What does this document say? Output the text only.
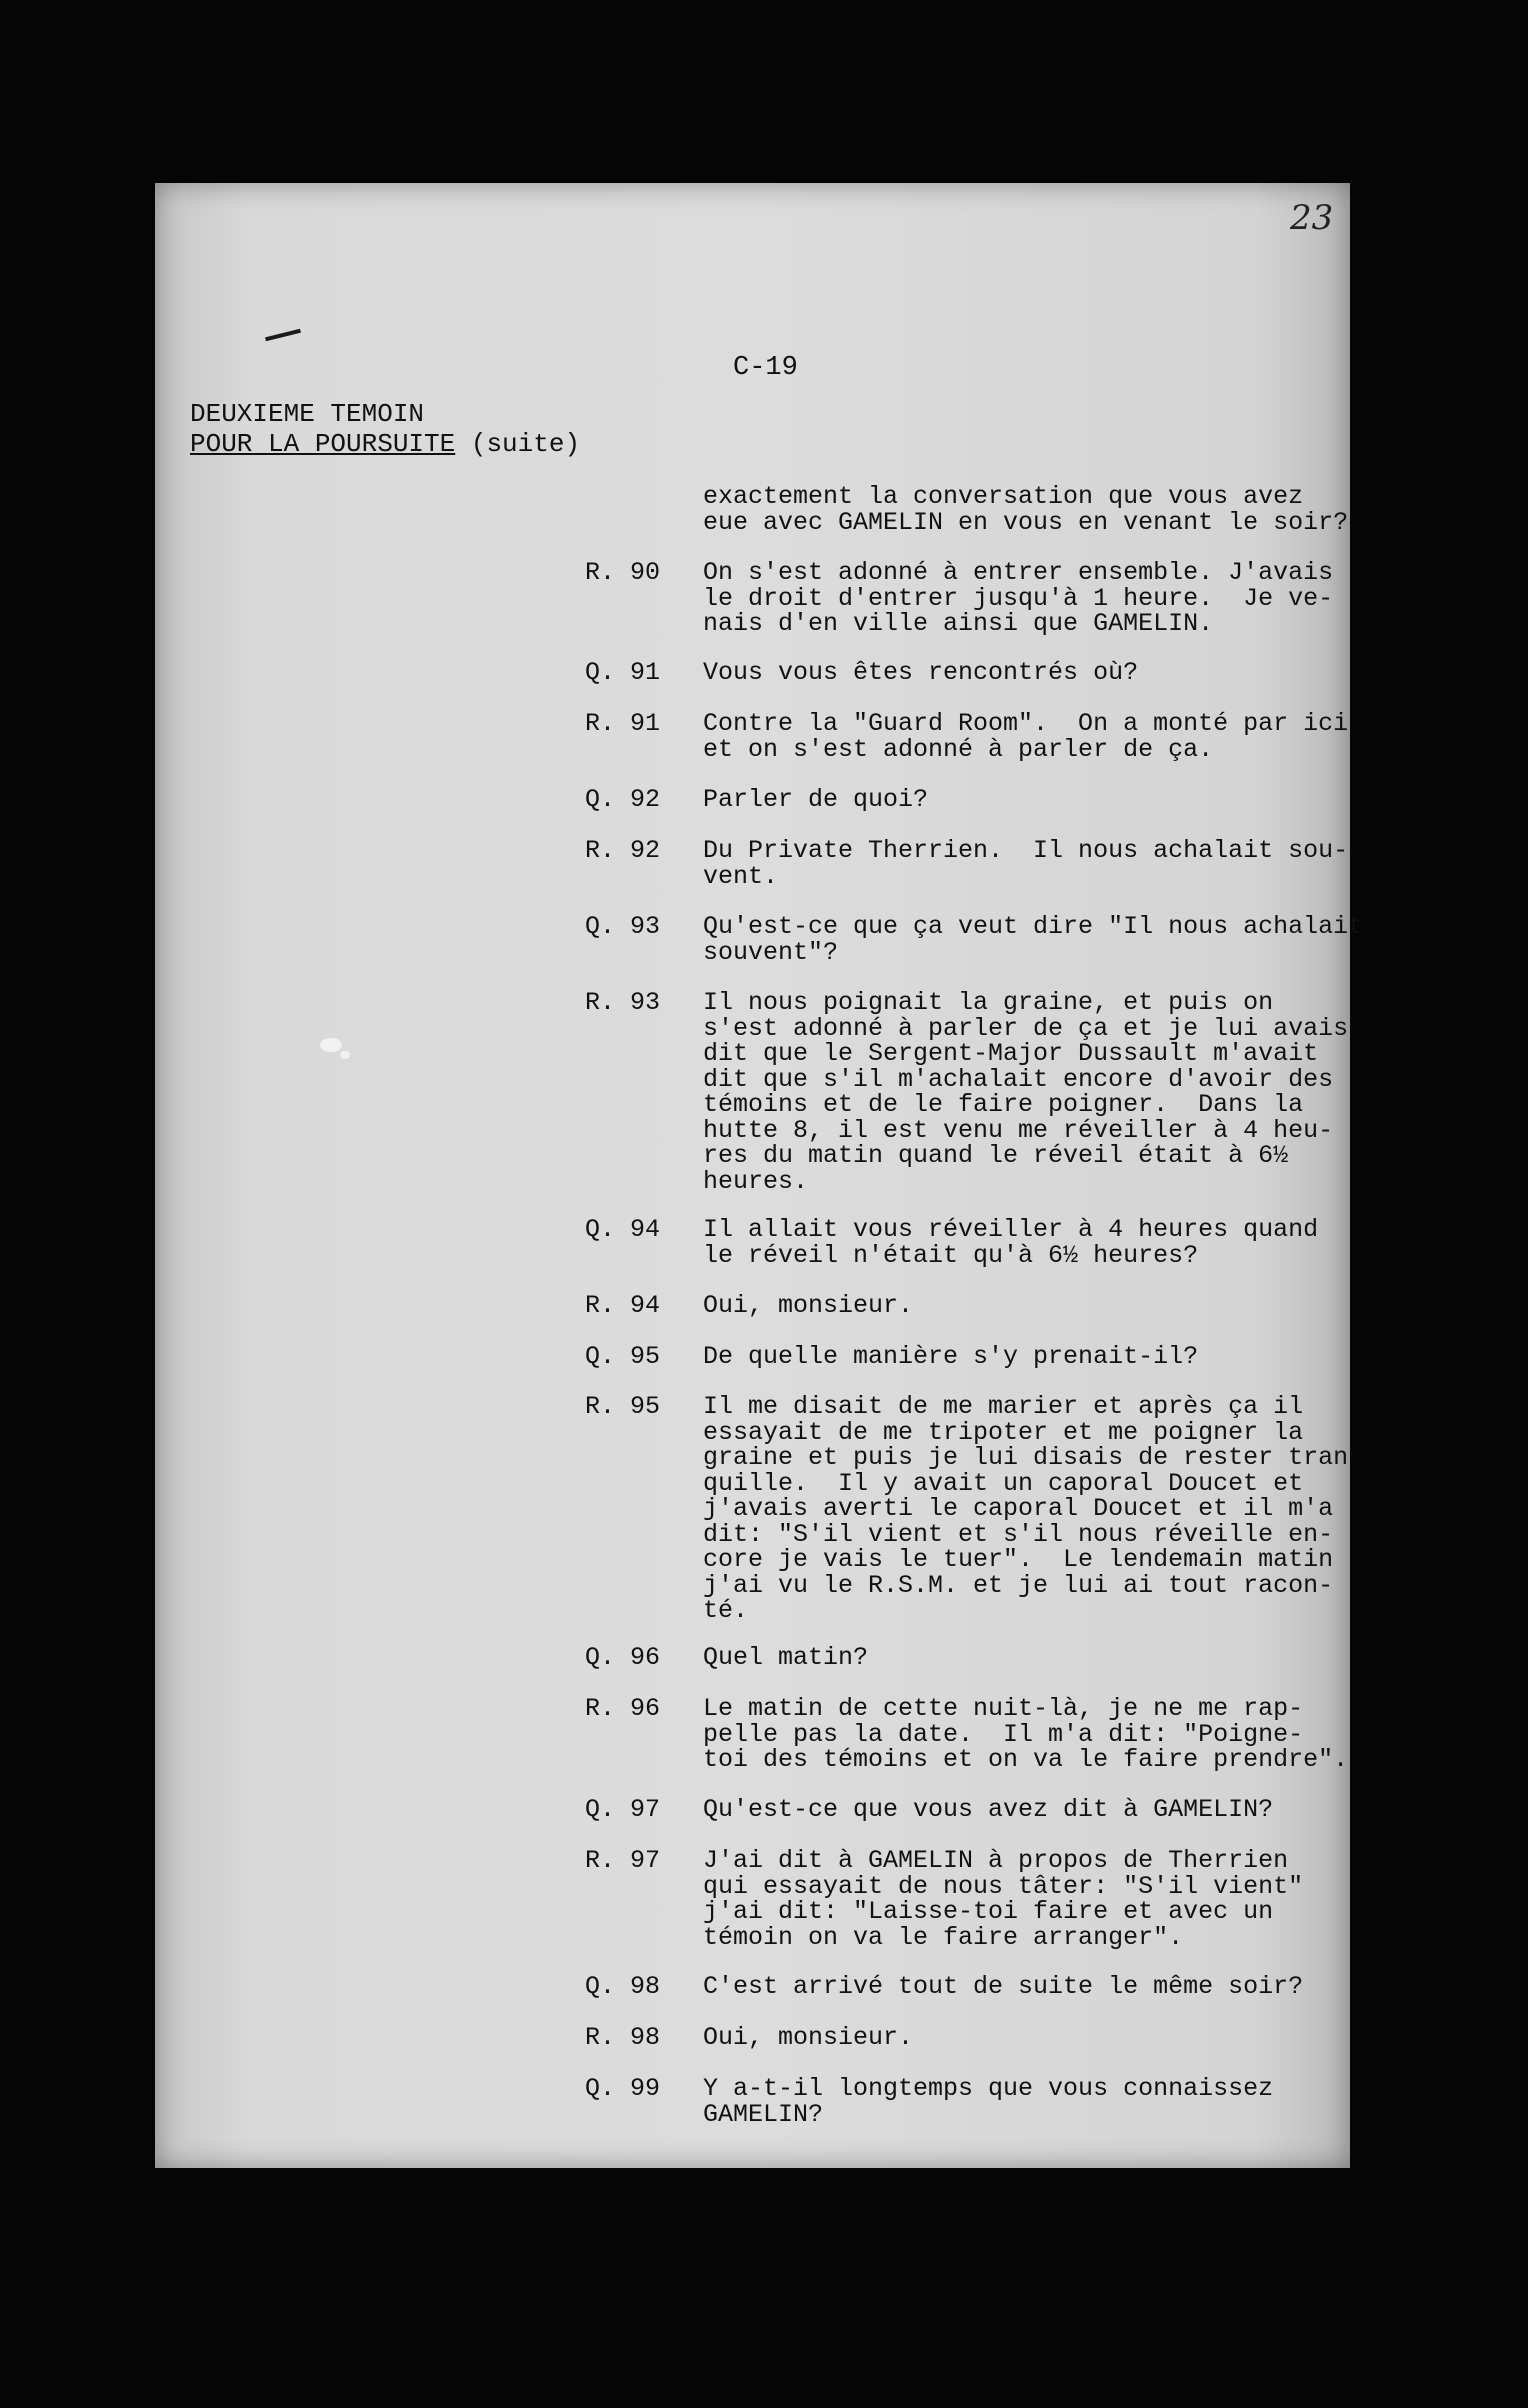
23
C-19
DEUXIEME TEMOIN
POUR LA POURSUITE (suite)
exactement la conversation que vous avez
eue avec GAMELIN en vous en venant le soir?
R. 90	On s'est adonné à entrer ensemble. J'avais
le droit d'entrer jusqu'à 1 heure.  Je ve-
nais d'en ville ainsi que GAMELIN.
Q. 91	Vous vous êtes rencontrés où?
R. 91	Contre la "Guard Room".  On a monté par ici
et on s'est adonné à parler de ça.
Q. 92	Parler de quoi?
R. 92	Du Private Therrien.  Il nous achalait sou-
vent.
Q. 93	Qu'est-ce que ça veut dire "Il nous achalait
souvent"?
R. 93	Il nous poignait la graine, et puis on
s'est adonné à parler de ça et je lui avais
dit que le Sergent-Major Dussault m'avait
dit que s'il m'achalait encore d'avoir des
témoins et de le faire poigner.  Dans la
hutte 8, il est venu me réveiller à 4 heu-
res du matin quand le réveil était à 6½
heures.
Q. 94	Il allait vous réveiller à 4 heures quand
le réveil n'était qu'à 6½ heures?
R. 94	Oui, monsieur.
Q. 95	De quelle manière s'y prenait-il?
R. 95	Il me disait de me marier et après ça il
essayait de me tripoter et me poigner la
graine et puis je lui disais de rester tran
quille.  Il y avait un caporal Doucet et
j'avais averti le caporal Doucet et il m'a
dit: "S'il vient et s'il nous réveille en-
core je vais le tuer".  Le lendemain matin
j'ai vu le R.S.M. et je lui ai tout racon-
té.
Q. 96	Quel matin?
R. 96	Le matin de cette nuit-là, je ne me rap-
pelle pas la date.  Il m'a dit: "Poigne-
toi des témoins et on va le faire prendre".
Q. 97	Qu'est-ce que vous avez dit à GAMELIN?
R. 97	J'ai dit à GAMELIN à propos de Therrien
qui essayait de nous tâter: "S'il vient"
j'ai dit: "Laisse-toi faire et avec un
témoin on va le faire arranger".
Q. 98	C'est arrivé tout de suite le même soir?
R. 98	Oui, monsieur.
Q. 99	Y a-t-il longtemps que vous connaissez
GAMELIN?
